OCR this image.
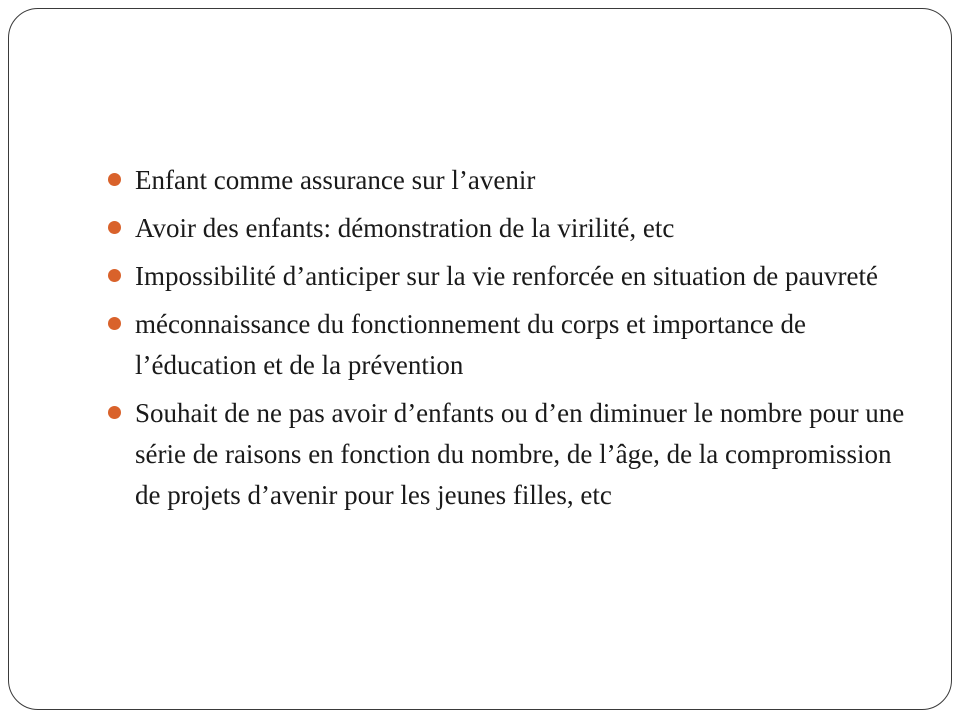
Enfant comme assurance sur l’avenir
Avoir des enfants: démonstration de la virilité, etc
Impossibilité d’anticiper sur la vie renforcée en situation de pauvreté
méconnaissance du fonctionnement du corps et importance de l’éducation et de la prévention
Souhait de ne pas avoir d’enfants ou d’en diminuer le nombre pour une série de raisons en fonction du nombre, de l’âge, de la compromission de projets d’avenir pour les jeunes filles, etc
